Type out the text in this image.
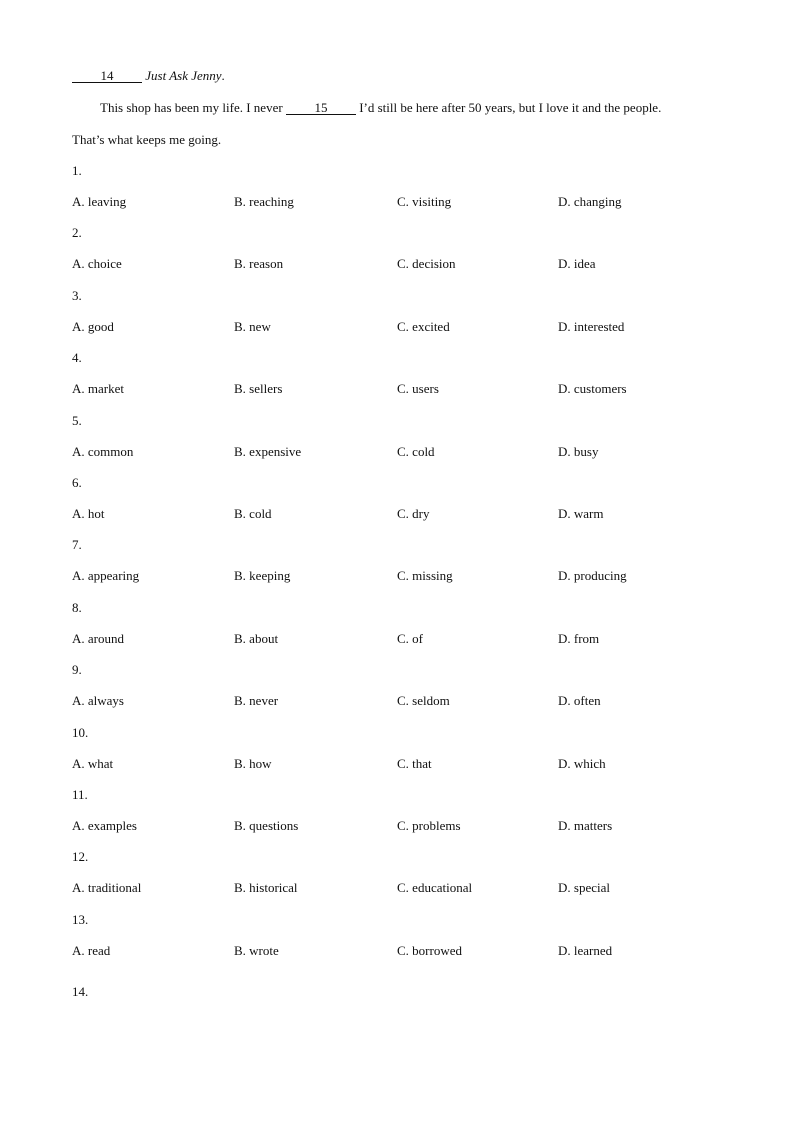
14 Just Ask Jenny.
This shop has been my life. I never 15 I’d still be here after 50 years, but I love it and the people.
That’s what keeps me going.
1.
A. leaving	B. reaching	C. visiting	D. changing
2.
A. choice	B. reason	C. decision	D. idea
3.
A. good	B. new	C. excited	D. interested
4.
A. market	B. sellers	C. users	D. customers
5.
A. common	B. expensive	C. cold	D. busy
6.
A. hot	B. cold	C. dry	D. warm
7.
A. appearing	B. keeping	C. missing	D. producing
8.
A. around	B. about	C. of	D. from
9.
A. always	B. never	C. seldom	D. often
10.
A. what	B. how	C. that	D. which
11.
A. examples	B. questions	C. problems	D. matters
12.
A. traditional	B. historical	C. educational	D. special
13.
A. read	B. wrote	C. borrowed	D. learned
14.
